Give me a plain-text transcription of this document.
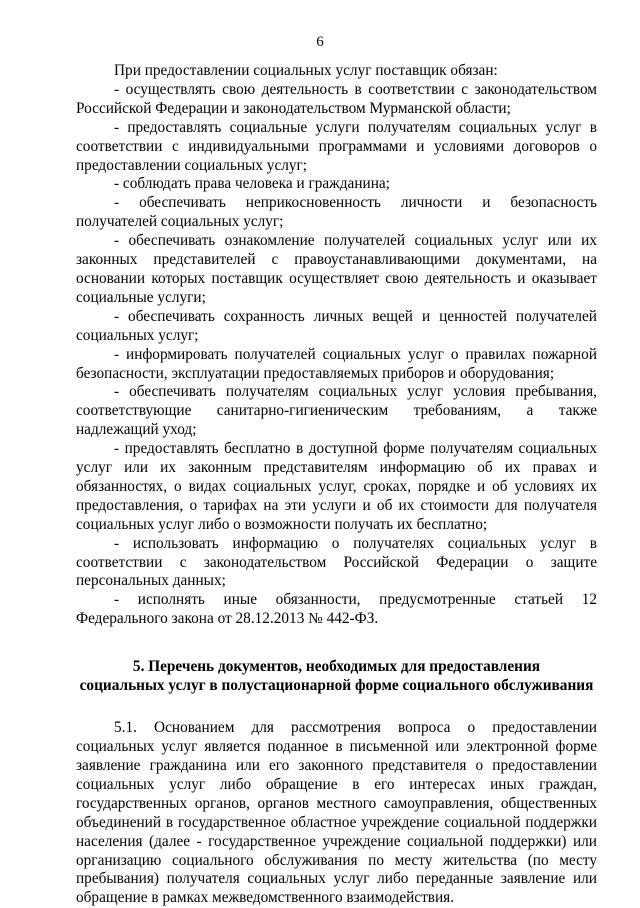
6

При предоставлении социальных услуг поставщик обязан:

- осуществлять свою деятельность в соответствии с законодательством Российской Федерации и законодательством Мурманской области;

- предоставлять социальные услуги получателям социальных услуг в соответствии с индивидуальными программами и условиями договоров о предоставлении социальных услуг;

- соблюдать права человека и гражданина;

- обеспечивать неприкосновенность личности и безопасность получателей социальных услуг;

- обеспечивать ознакомление получателей социальных услуг или их законных представителей с правоустанавливающими документами, на основании которых поставщик осуществляет свою деятельность и оказывает социальные услуги;

- обеспечивать сохранность личных вещей и ценностей получателей социальных услуг;

- информировать получателей социальных услуг о правилах пожарной безопасности, эксплуатации предоставляемых приборов и оборудования;

- обеспечивать получателям социальных услуг условия пребывания, соответствующие санитарно-гигиеническим требованиям, а также надлежащий уход;

- предоставлять бесплатно в доступной форме получателям социальных услуг или их законным представителям информацию об их правах и обязанностях, о видах социальных услуг, сроках, порядке и об условиях их предоставления, о тарифах на эти услуги и об их стоимости для получателя социальных услуг либо о возможности получать их бесплатно;

- использовать информацию о получателях социальных услуг в соответствии с законодательством Российской Федерации о защите персональных данных;

- исполнять иные обязанности, предусмотренные статьей 12 Федерального закона от 28.12.2013 № 442-ФЗ.

5. Перечень документов, необходимых для предоставления
социальных услуг в полустационарной форме социального обслуживания

5.1. Основанием для рассмотрения вопроса о предоставлении социальных услуг является поданное в письменной или электронной форме заявление гражданина или его законного представителя о предоставлении социальных услуг либо обращение в его интересах иных граждан, государственных органов, органов местного самоуправления, общественных объединений в государственное областное учреждение социальной поддержки населения (далее - государственное учреждение социальной поддержки) или организацию социального обслуживания по месту жительства (по месту пребывания) получателя социальных услуг либо переданные заявление или обращение в рамках межведомственного взаимодействия.
